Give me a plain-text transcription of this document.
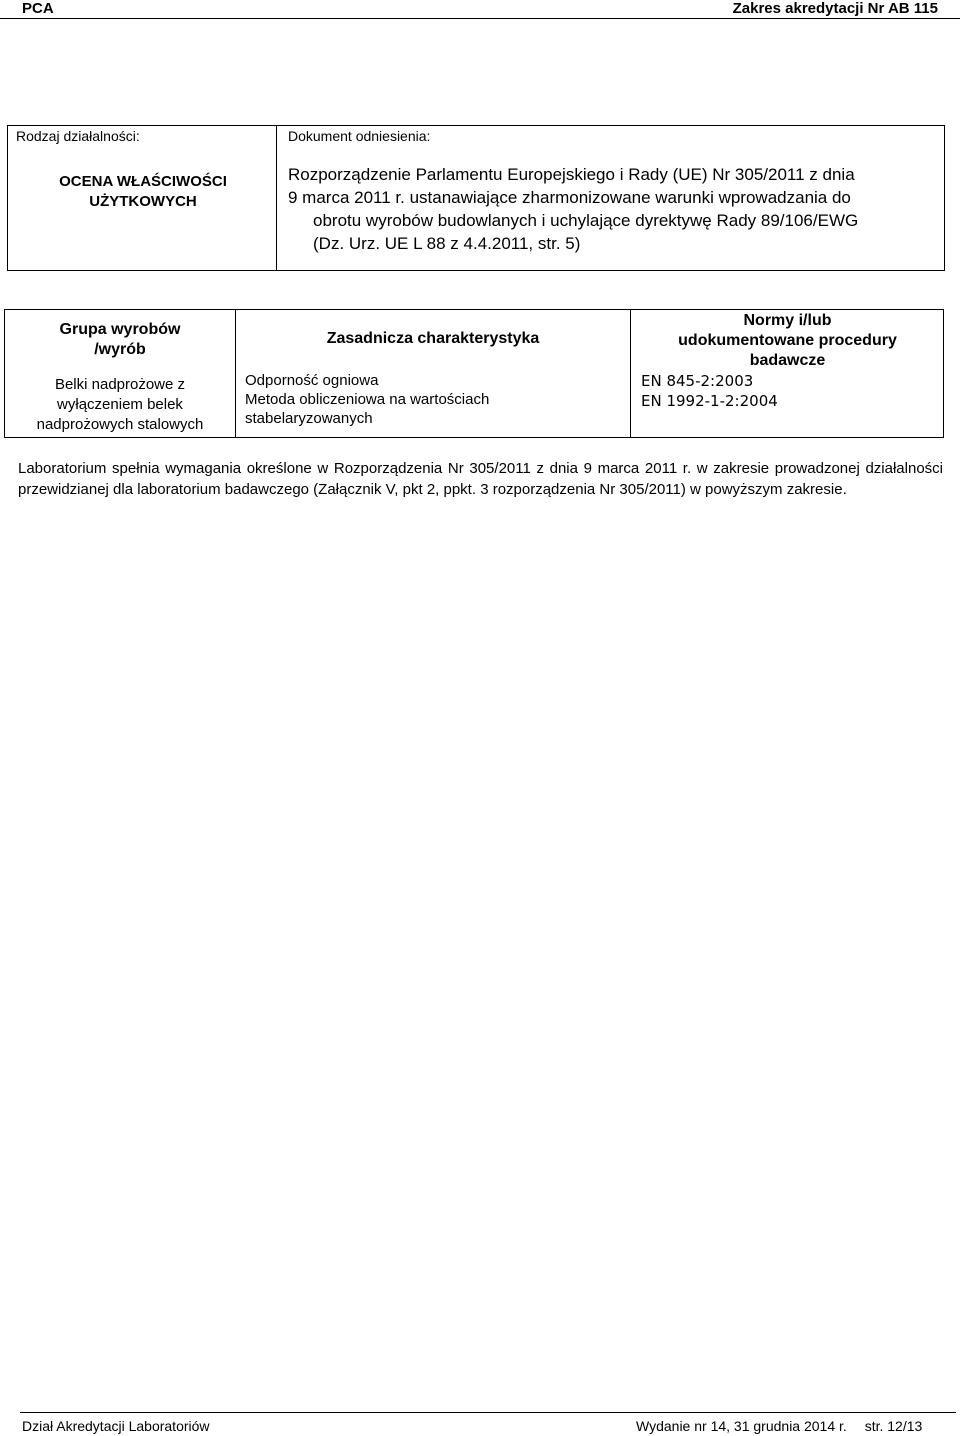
PCA	Zakres akredytacji Nr AB 115
Rodzaj działalności:
OCENA WŁAŚCIWOŚCI
UŻYTKOWYCH
Dokument odniesienia:
Rozporządzenie Parlamentu Europejskiego i Rady (UE) Nr 305/2011 z dnia
9 marca 2011 r. ustanawiające zharmonizowane warunki wprowadzania do
obrotu wyrobów budowlanych i uchylające dyrektywę Rady 89/106/EWG
(Dz. Urz. UE L 88 z 4.4.2011, str. 5)
Grupa wyrobów
/wyrób
Belki nadprożowe z
wyłączeniem belek
nadprożowych stalowych
Zasadnicza charakterystyka
Odporność ogniowa
Metoda obliczeniowa na wartościach
stabelaryzowanych
Normy i/lub
udokumentowane procedury
badawcze
EN 845-2:2003
EN 1992-1-2:2004
Laboratorium spełnia wymagania określone w Rozporządzenia Nr 305/2011 z dnia 9 marca 2011 r. w zakresie prowadzonej działalności przewidzianej dla laboratorium badawczego (Załącznik V, pkt 2, ppkt. 3 rozporządzenia Nr 305/2011) w powyższym zakresie.
Dział Akredytacji Laboratoriów	Wydanie nr 14, 31 grudnia 2014 r. str. 12/13
